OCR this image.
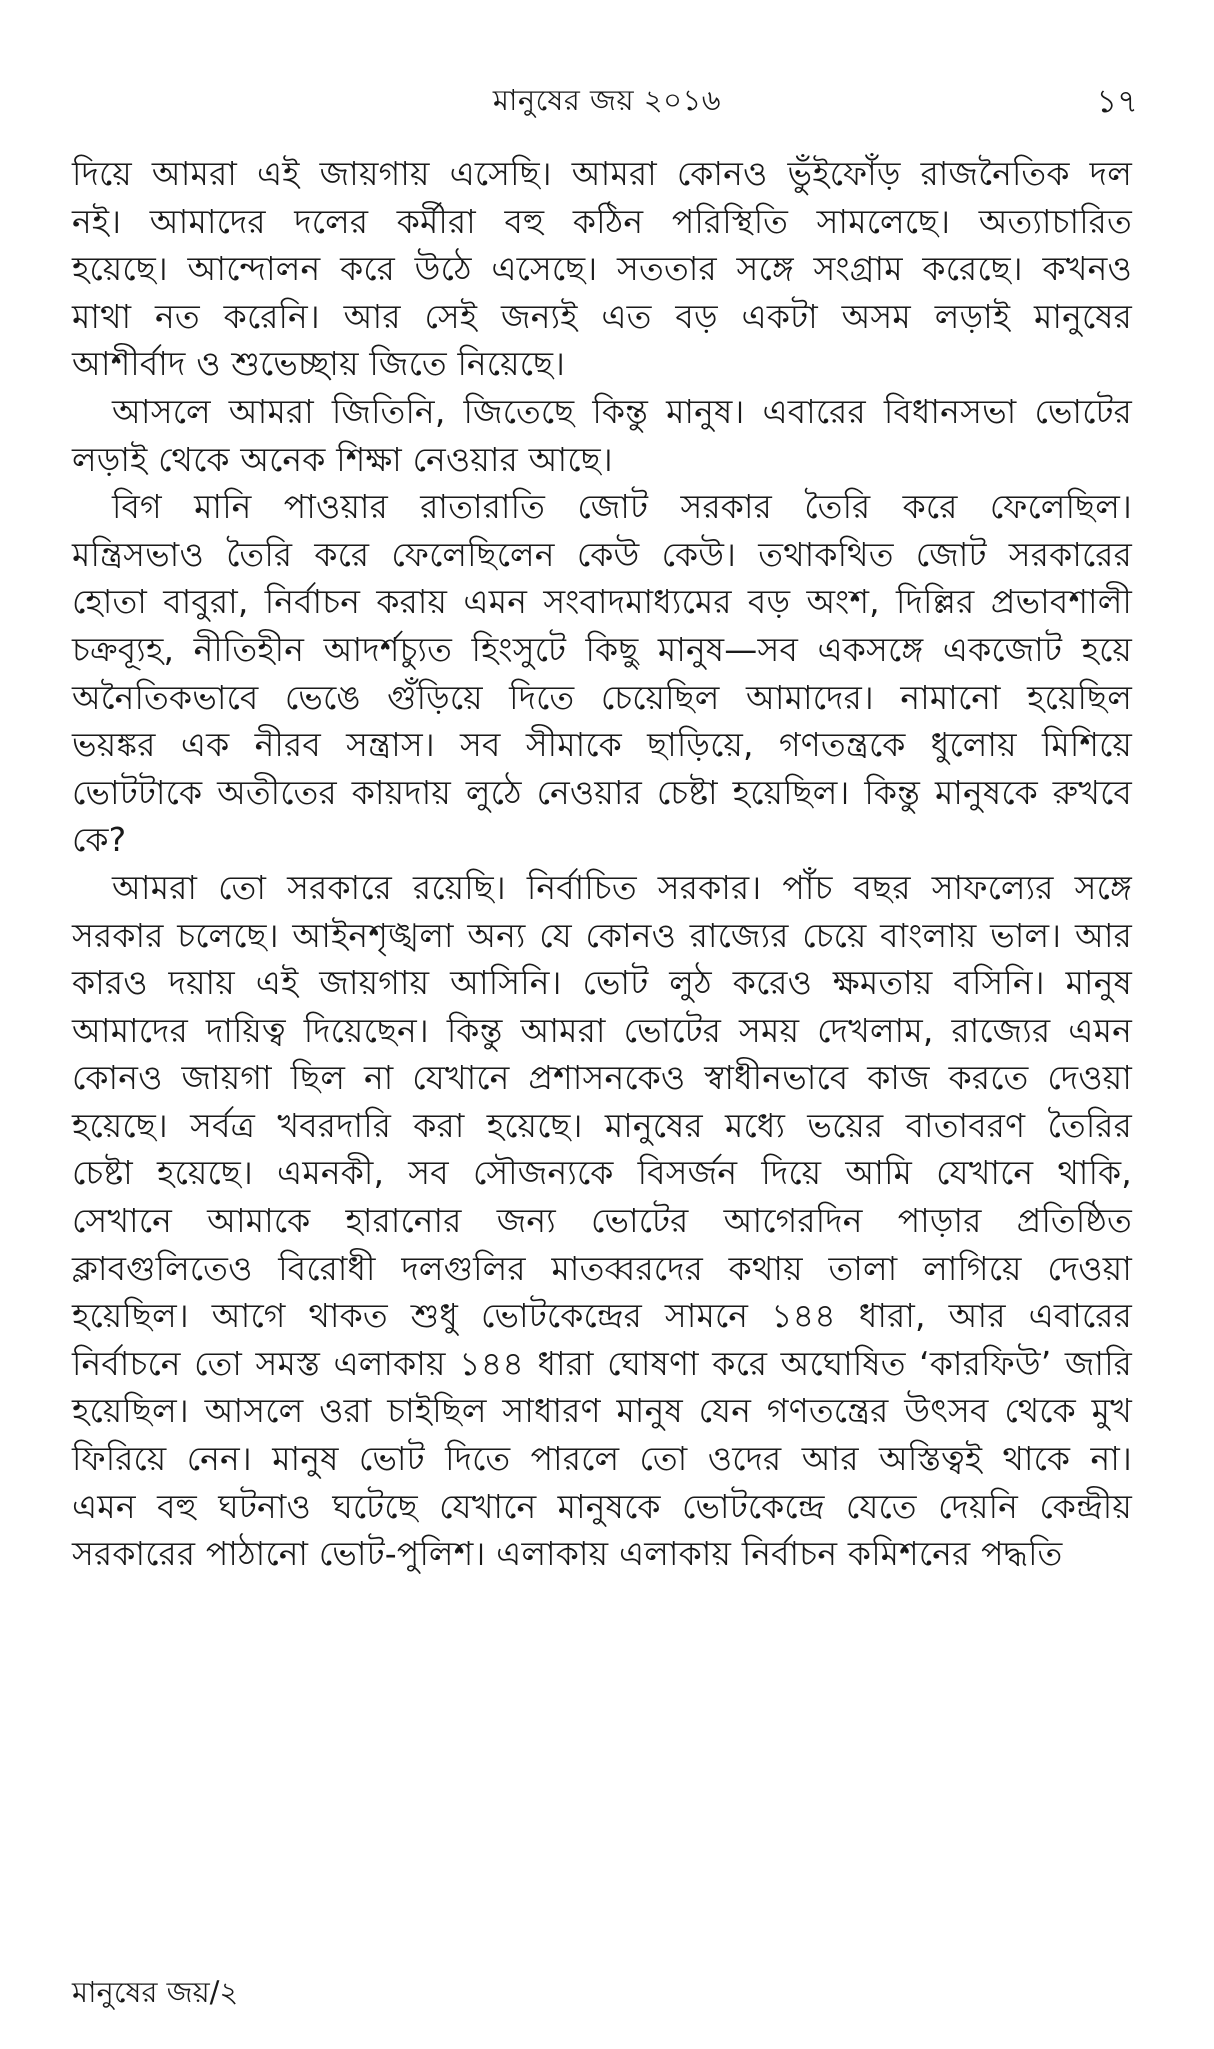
মানুষের জয় ২০১৬	১৭
দিয়ে আমরা এই জায়গায় এসেছি। আমরা কোনও ভুঁইফোঁড় রাজনৈতিক দল
নই। আমাদের দলের কর্মীরা বহু কঠিন পরিস্থিতি সামলেছে। অত্যাচারিত
হয়েছে। আন্দোলন করে উঠে এসেছে। সততার সঙ্গে সংগ্রাম করেছে। কখনও
মাথা নত করেনি। আর সেই জন্যই এত বড় একটা অসম লড়াই মানুষের
আশীর্বাদ ও শুভেচ্ছায় জিতে নিয়েছে।
আসলে আমরা জিতিনি, জিতেছে কিন্তু মানুষ। এবারের বিধানসভা ভোটের
লড়াই থেকে অনেক শিক্ষা নেওয়ার আছে।
বিগ মানি পাওয়ার রাতারাতি জোট সরকার তৈরি করে ফেলেছিল।
মন্ত্রিসভাও তৈরি করে ফেলেছিলেন কেউ কেউ। তথাকথিত জোট সরকারের
হোতা বাবুরা, নির্বাচন করায় এমন সংবাদমাধ্যমের বড় অংশ, দিল্লির প্রভাবশালী
চক্রব্যূহ, নীতিহীন আদর্শচ্যুত হিংসুটে কিছু মানুষ—সব একসঙ্গে একজোট হয়ে
অনৈতিকভাবে ভেঙে গুঁড়িয়ে দিতে চেয়েছিল আমাদের। নামানো হয়েছিল
ভয়ঙ্কর এক নীরব সন্ত্রাস। সব সীমাকে ছাড়িয়ে, গণতন্ত্রকে ধুলোয় মিশিয়ে
ভোটটাকে অতীতের কায়দায় লুঠে নেওয়ার চেষ্টা হয়েছিল। কিন্তু মানুষকে রুখবে
কে?
আমরা তো সরকারে রয়েছি। নির্বাচিত সরকার। পাঁচ বছর সাফল্যের সঙ্গে
সরকার চলেছে। আইনশৃঙ্খলা অন্য যে কোনও রাজ্যের চেয়ে বাংলায় ভাল। আর
কারও দয়ায় এই জায়গায় আসিনি। ভোট লুঠ করেও ক্ষমতায় বসিনি। মানুষ
আমাদের দায়িত্ব দিয়েছেন। কিন্তু আমরা ভোটের সময় দেখলাম, রাজ্যের এমন
কোনও জায়গা ছিল না যেখানে প্রশাসনকেও স্বাধীনভাবে কাজ করতে দেওয়া
হয়েছে। সর্বত্র খবরদারি করা হয়েছে। মানুষের মধ্যে ভয়ের বাতাবরণ তৈরির
চেষ্টা হয়েছে। এমনকী, সব সৌজন্যকে বিসর্জন দিয়ে আমি যেখানে থাকি,
সেখানে আমাকে হারানোর জন্য ভোটের আগেরদিন পাড়ার প্রতিষ্ঠিত
ক্লাবগুলিতেও বিরোধী দলগুলির মাতব্বরদের কথায় তালা লাগিয়ে দেওয়া
হয়েছিল। আগে থাকত শুধু ভোটকেন্দ্রের সামনে ১৪৪ ধারা, আর এবারের
নির্বাচনে তো সমস্ত এলাকায় ১৪৪ ধারা ঘোষণা করে অঘোষিত ‘কারফিউ’ জারি
হয়েছিল। আসলে ওরা চাইছিল সাধারণ মানুষ যেন গণতন্ত্রের উৎসব থেকে মুখ
ফিরিয়ে নেন। মানুষ ভোট দিতে পারলে তো ওদের আর অস্তিত্বই থাকে না।
এমন বহু ঘটনাও ঘটেছে যেখানে মানুষকে ভোটকেন্দ্রে যেতে দেয়নি কেন্দ্রীয়
সরকারের পাঠানো ভোট-পুলিশ। এলাকায় এলাকায় নির্বাচন কমিশনের পদ্ধতি
মানুষের জয়/২
